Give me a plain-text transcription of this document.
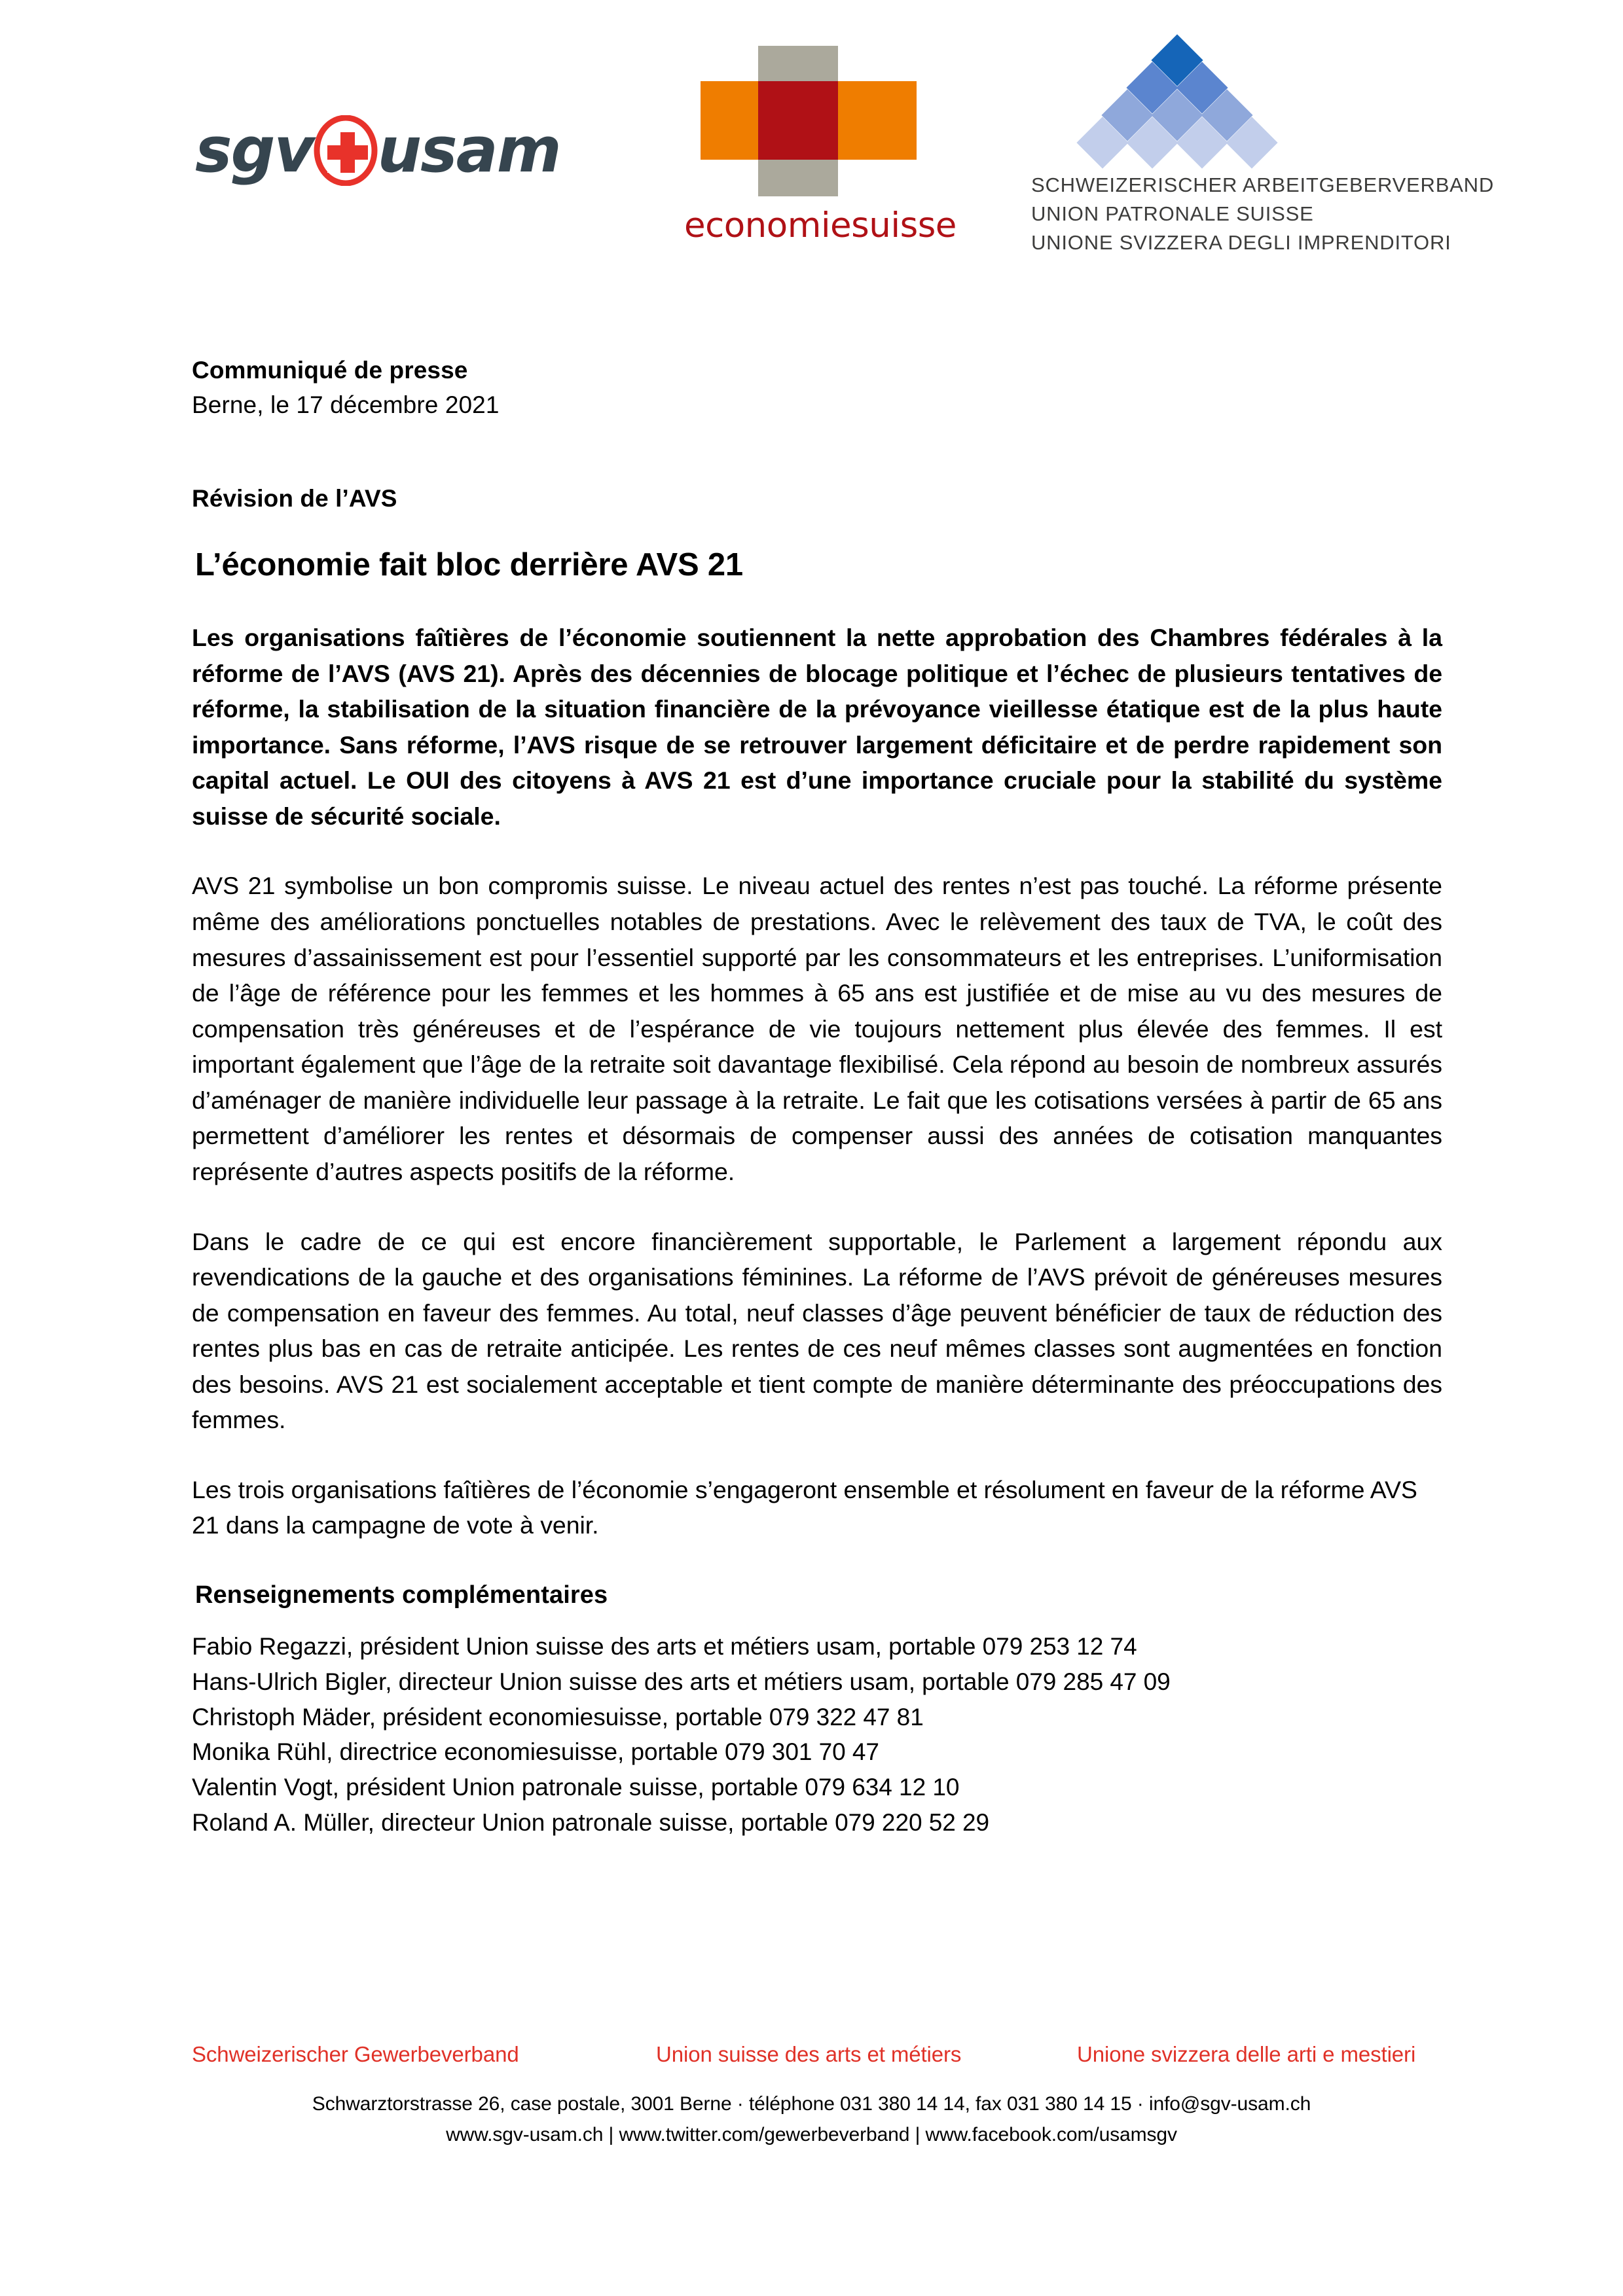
sgv usam
economiesuisse
SCHWEIZERISCHER ARBEITGEBERVERBAND
UNION PATRONALE SUISSE
UNIONE SVIZZERA DEGLI IMPRENDITORI
Communiqué de presse
Berne, le 17 décembre 2021
Révision de l’AVS
L’économie fait bloc derrière AVS 21

Les organisations faîtières de l’économie soutiennent la nette approbation des Chambres fédérales à la réforme de l’AVS (AVS 21). Après des décennies de blocage politique et l’échec de plusieurs tentatives de réforme, la stabilisation de la situation financière de la prévoyance vieillesse étatique est de la plus haute importance. Sans réforme, l’AVS risque de se retrouver largement déficitaire et de perdre rapidement son capital actuel. Le OUI des citoyens à AVS 21 est d’une importance cruciale pour la stabilité du système suisse de sécurité sociale.

AVS 21 symbolise un bon compromis suisse. Le niveau actuel des rentes n’est pas touché. La réforme présente même des améliorations ponctuelles notables de prestations. Avec le relèvement des taux de TVA, le coût des mesures d’assainissement est pour l’essentiel supporté par les consommateurs et les entreprises. L’uniformisation de l’âge de référence pour les femmes et les hommes à 65 ans est justifiée et de mise au vu des mesures de compensation très généreuses et de l’espérance de vie toujours nettement plus élevée des femmes. Il est important également que l’âge de la retraite soit davantage flexibilisé. Cela répond au besoin de nombreux assurés d’aménager de manière individuelle leur passage à la retraite. Le fait que les cotisations versées à partir de 65 ans permettent d’améliorer les rentes et désormais de compenser aussi des années de cotisation manquantes représente d’autres aspects positifs de la réforme.

Dans le cadre de ce qui est encore financièrement supportable, le Parlement a largement répondu aux revendications de la gauche et des organisations féminines. La réforme de l’AVS prévoit de généreuses mesures de compensation en faveur des femmes. Au total, neuf classes d’âge peuvent bénéficier de taux de réduction des rentes plus bas en cas de retraite anticipée. Les rentes de ces neuf mêmes classes sont augmentées en fonction des besoins. AVS 21 est socialement acceptable et tient compte de manière déterminante des préoccupations des femmes.

Les trois organisations faîtières de l’économie s’engageront ensemble et résolument en faveur de la réforme AVS 21 dans la campagne de vote à venir.

Renseignements complémentaires
Fabio Regazzi, président Union suisse des arts et métiers usam, portable 079 253 12 74
Hans-Ulrich Bigler, directeur Union suisse des arts et métiers usam, portable 079 285 47 09
Christoph Mäder, président economiesuisse, portable 079 322 47 81
Monika Rühl, directrice economiesuisse, portable 079 301 70 47
Valentin Vogt, président Union patronale suisse, portable 079 634 12 10
Roland A. Müller, directeur Union patronale suisse, portable 079 220 52 29
Schweizerischer Gewerbeverband	Union suisse des arts et métiers	Unione svizzera delle arti e mestieri
Schwarztorstrasse 26, case postale, 3001 Berne · téléphone 031 380 14 14, fax 031 380 14 15 · info@sgv-usam.ch
www.sgv-usam.ch | www.twitter.com/gewerbeverband | www.facebook.com/usamsgv
